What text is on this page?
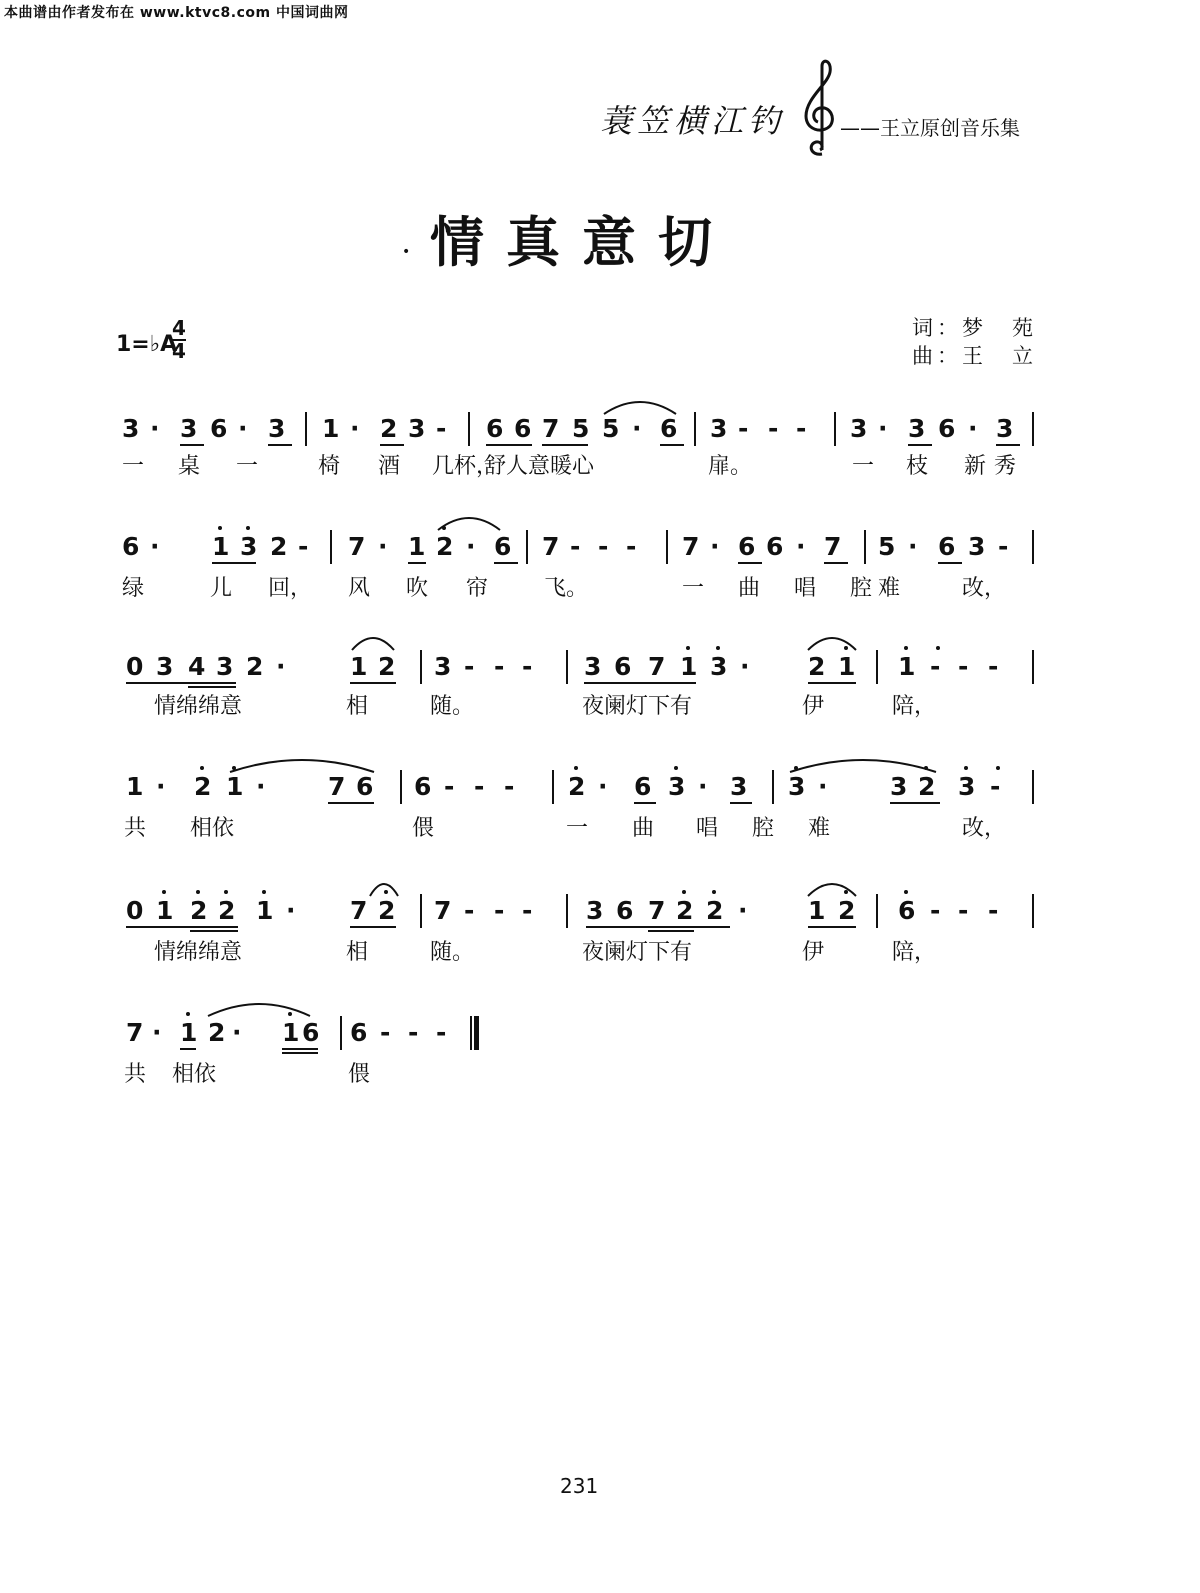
本曲谱由作者发布在 www.ktvc8.com 中国词曲网
蓑笠横江钓	——王立原创音乐集
情真意切
•
1=♭A
4
4
词：梦　苑
曲：王　立
3 · 3 6 · 3 1 · 2 3 - 6 6 7 5 5 · 6 3 - - - 3 · 3 6 · 3
一 桌 一	椅 酒 几杯，
舒人意暖心	扉。	一 枝 新 秀
6 · 1 3 2 - 7 · 1 2 · 6 7 - - - 7 · 6 6 · 7 5 · 6 3 -
绿	儿 回， 风 吹 帘	飞。	一 曲 唱 腔 难	改，
0 3 4 3 2 ·	1 2 3 - - - 3 6 7 1 3 · 2 1 1 - - -
情绵绵意	相	随。	夜阑灯下有	伊	陪，
1 · 2 1 ·	7 6 6 - - - 2 · 6 3 · 3 3 ·	3 2 3 -
共 相依	偎	一 曲 唱 腔 难	改，
0 1 2 2 1 · 7 2 7 - - - 3 6 7 2 2 · 1 2 6 - - -
情绵绵意	相	随。	夜阑灯下有	伊	陪，
7 · 1 2 · 1 6 6 - - -
共 相依	偎
231
